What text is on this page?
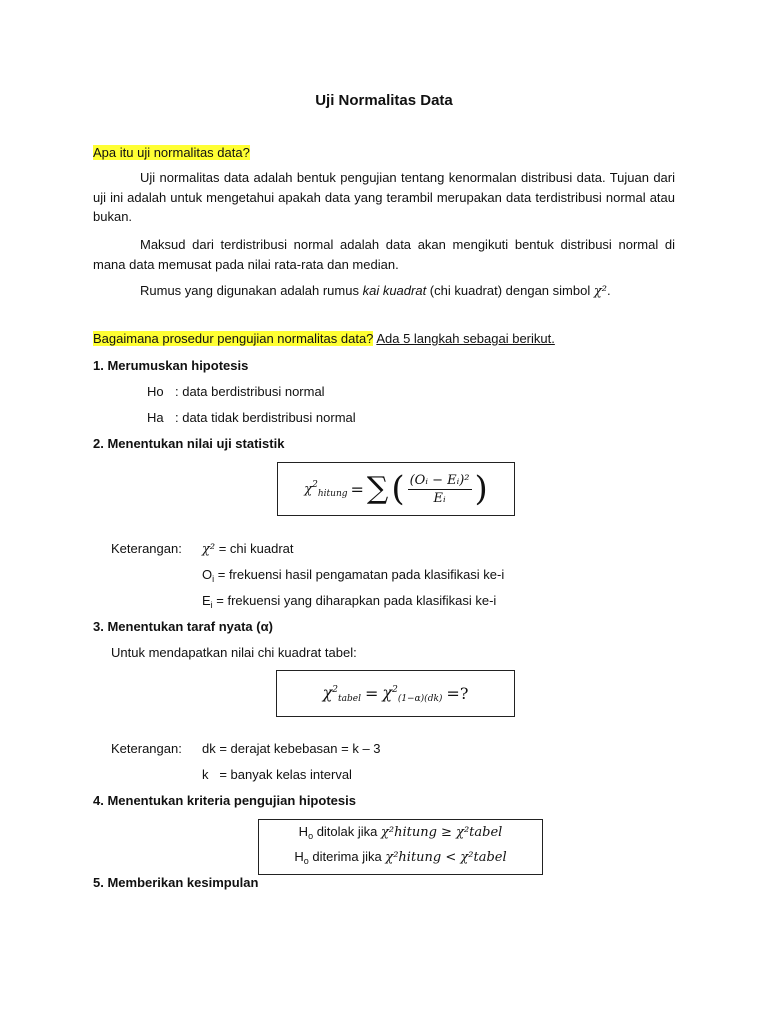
Uji Normalitas Data
Apa itu uji normalitas data?
Uji normalitas data adalah bentuk pengujian tentang kenormalan distribusi data. Tujuan dari uji ini adalah untuk mengetahui apakah data yang terambil merupakan data terdistribusi normal atau bukan.
Maksud dari terdistribusi normal adalah data akan mengikuti bentuk distribusi normal di mana data memusat pada nilai rata-rata dan median.
Rumus yang digunakan adalah rumus kai kuadrat (chi kuadrat) dengan simbol χ².
Bagaimana prosedur pengujian normalitas data? Ada 5 langkah sebagai berikut.
1. Merumuskan hipotesis
Ho : data berdistribusi normal
Ha : data tidak berdistribusi normal
2. Menentukan nilai uji statistik
$\chi^2_{hitung}$ = ∑ ( $\frac{\text{(Oᵢ − Eᵢ)²}}{\text{Eᵢ}}$ )
Keterangan: χ² = chi kuadrat
$O_i$ = frekuensi hasil pengamatan pada klasifikasi ke-i
$E_i$ = frekuensi yang diharapkan pada klasifikasi ke-i
3. Menentukan taraf nyata (α)
Untuk mendapatkan nilai chi kuadrat tabel:
$\chi^2_{tabel} = \chi^2_{(1-\alpha)(dk)}$ =?
Keterangan: dk = derajat kebebasan = k – 3
k   = banyak kelas interval
4. Menentukan kriteria pengujian hipotesis
$H_o$ ditolak jika χ²hitung ≥ χ²tabel
$H_o$ diterima jika χ²hitung < χ²tabel
5. Memberikan kesimpulan
